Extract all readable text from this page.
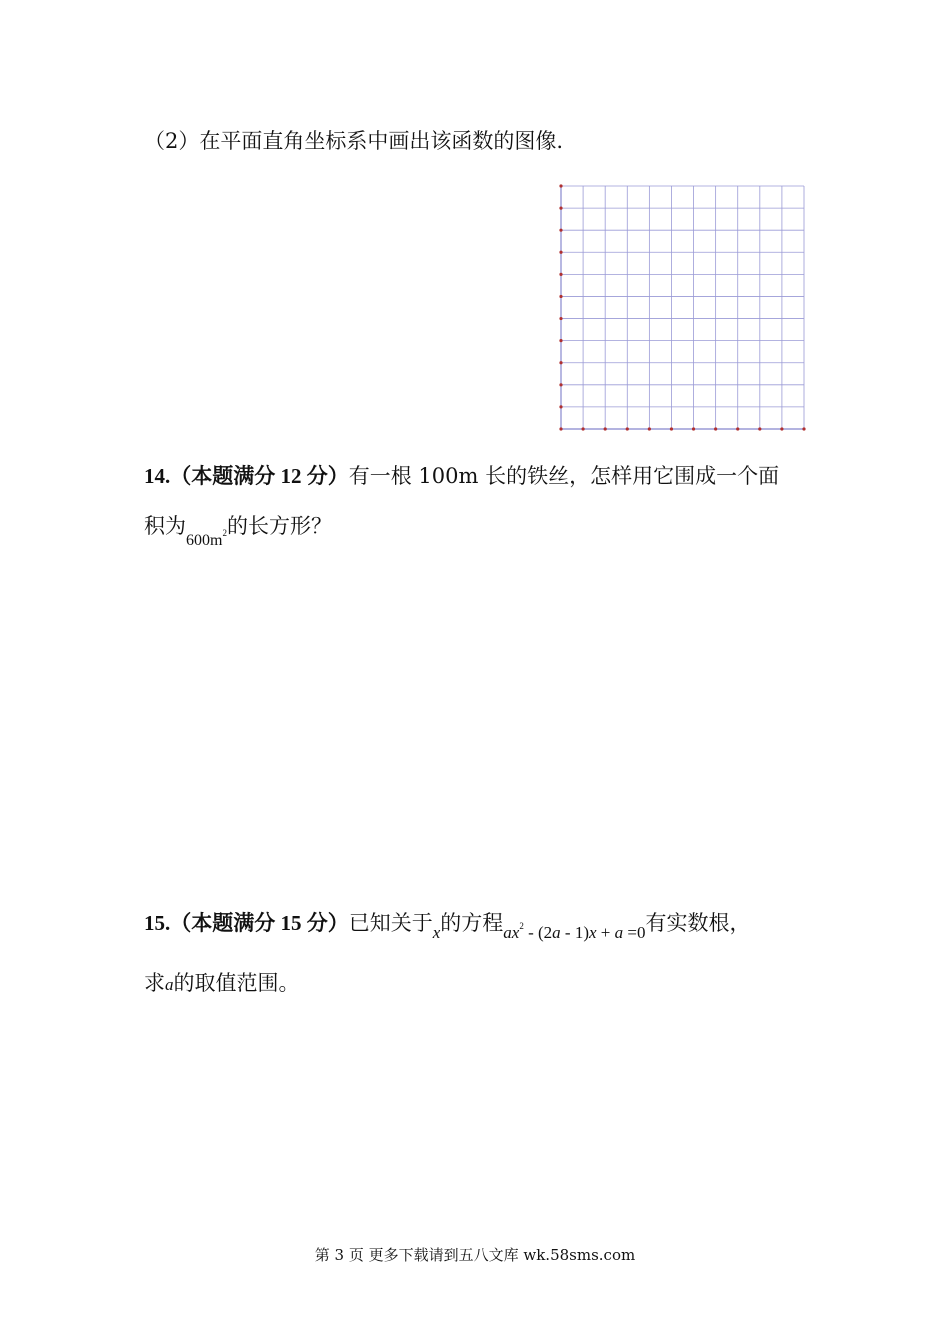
（2）在平面直角坐标系中画出该函数的图像.
14.（本题满分 12 分）有一根 100m 长的铁丝，怎样用它围成一个面
积为$_{600m^2}$的长方形？
15.（本题满分 15 分）已知关于$_x$的方程$_{ax^2 - (2a - 1)x + a =0}$有实数根，
求a的取值范围。
第 3 页 更多下载请到五八文库 wk.58sms.com
